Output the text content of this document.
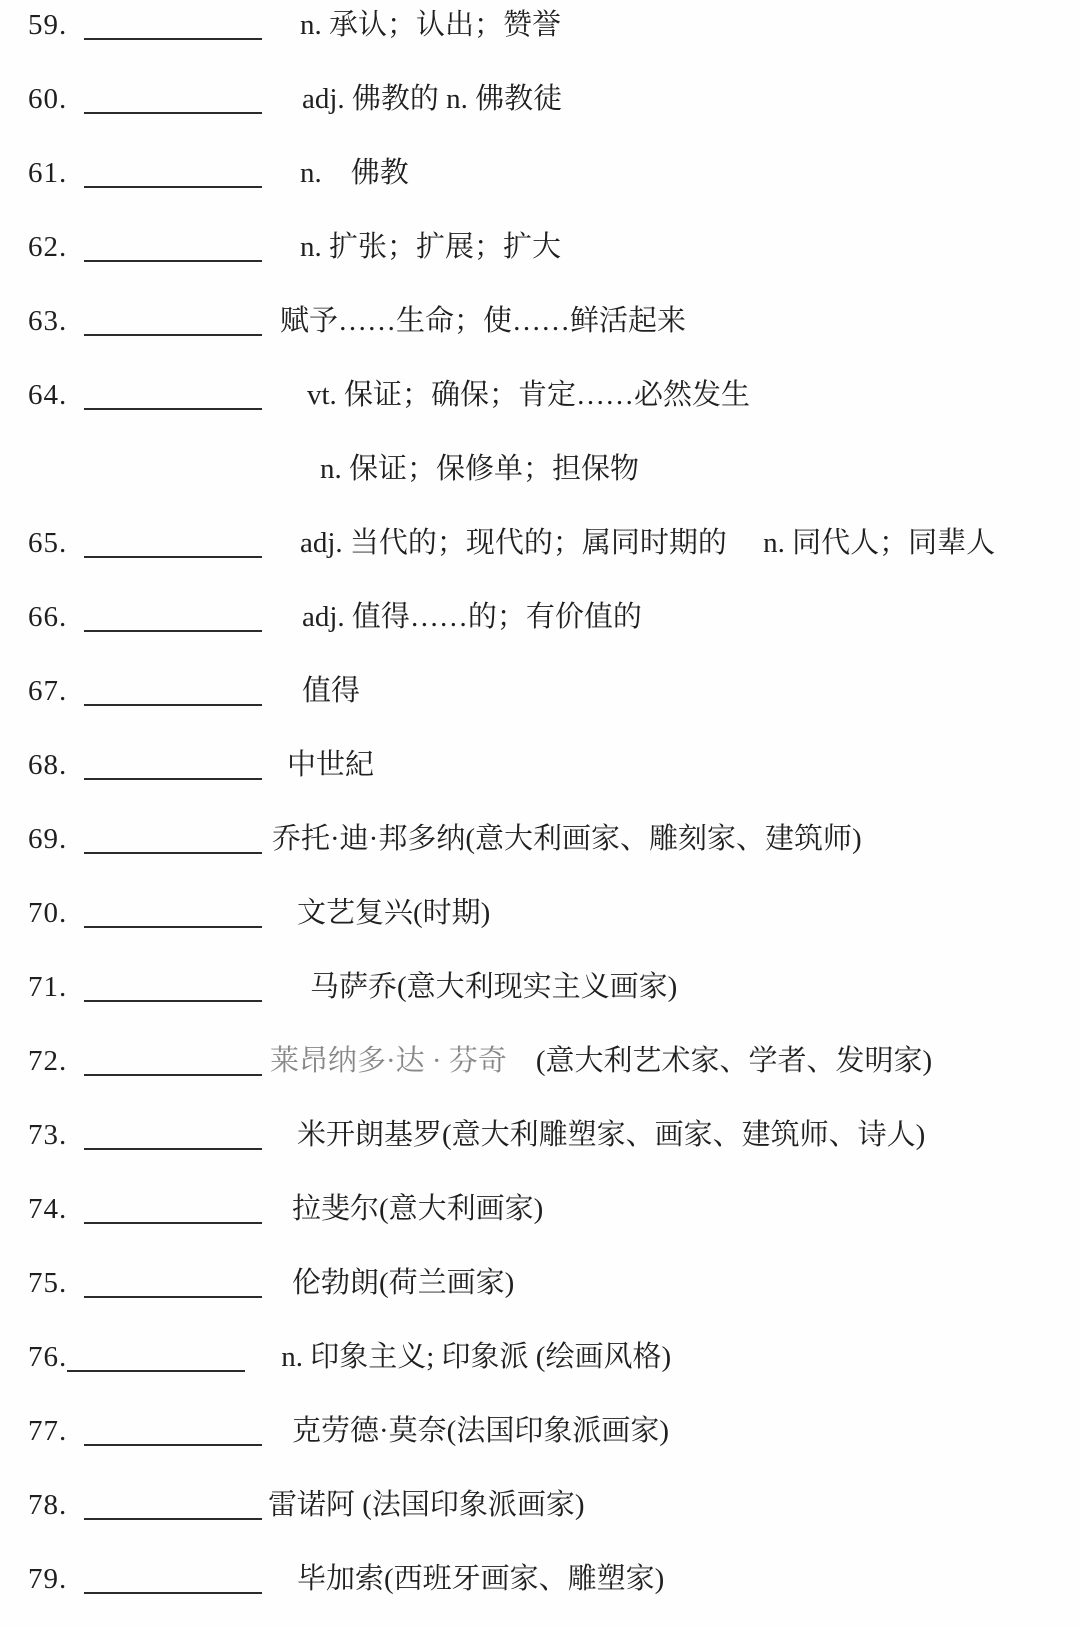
59.	n. 承认；认出；赞誉
60.	adj. 佛教的 n. 佛教徒
61.	n.　佛教
62.	n. 扩张；扩展；扩大
63.	赋予……生命；使……鲜活起来
64.	vt. 保证；确保；肯定……必然发生
n. 保证；保修单；担保物
65.	adj. 当代的；现代的；属同时期的　 n. 同代人；同辈人
66.	adj. 值得……的；有价值的
67.	值得
68.	中世紀
69.	乔托·迪·邦多纳(意大利画家、雕刻家、建筑师)
70.	文艺复兴(时期)
71.	马萨乔(意大利现实主义画家)
72.	莱昂纳多·达 · 芬奇 　(意大利艺术家、学者、发明家)
73.	米开朗基罗(意大利雕塑家、画家、建筑师、诗人)
74.	拉斐尔(意大利画家)
75.	伦勃朗(荷兰画家)
76.	n. 印象主义; 印象派 (绘画风格)
77.	克劳德·莫奈(法国印象派画家)
78.	雷诺阿 (法国印象派画家)
79.	毕加索(西班牙画家、雕塑家)
